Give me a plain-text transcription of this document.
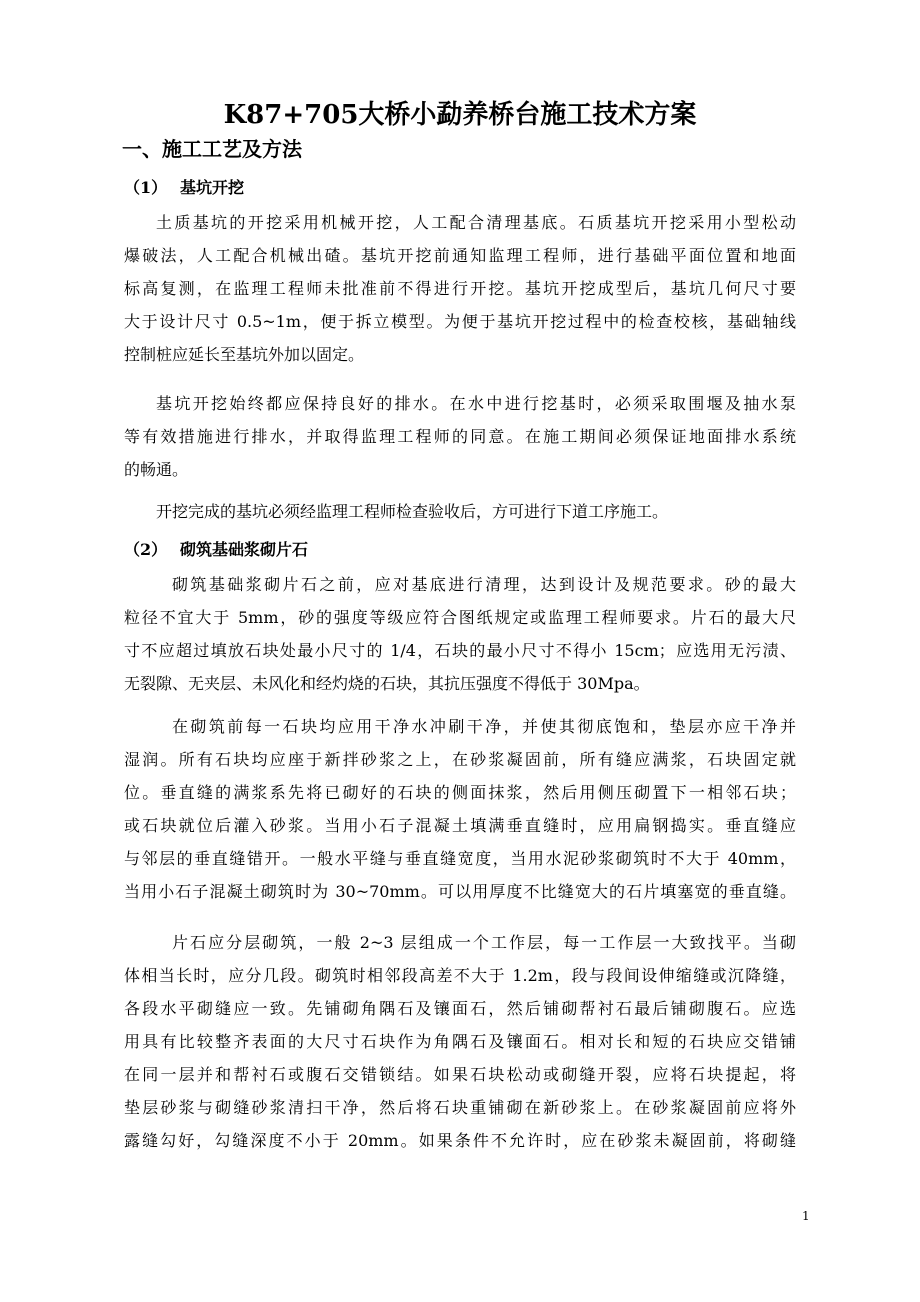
K87+705大桥小勐养桥台施工技术方案
一、施工工艺及方法
（1） 基坑开挖
土质基坑的开挖采用机械开挖，人工配合清理基底。石质基坑开挖采用小型松动
爆破法，人工配合机械出碴。基坑开挖前通知监理工程师，进行基础平面位置和地面
标高复测，在监理工程师未批准前不得进行开挖。基坑开挖成型后，基坑几何尺寸要
大于设计尺寸 0.5~1m，便于拆立模型。为便于基坑开挖过程中的检查校核，基础轴线
控制桩应延长至基坑外加以固定。
基坑开挖始终都应保持良好的排水。在水中进行挖基时，必须采取围堰及抽水泵
等有效措施进行排水，并取得监理工程师的同意。在施工期间必须保证地面排水系统
的畅通。
开挖完成的基坑必须经监理工程师检查验收后，方可进行下道工序施工。
（2） 砌筑基础浆砌片石
砌筑基础浆砌片石之前，应对基底进行清理，达到设计及规范要求。砂的最大
粒径不宜大于 5mm，砂的强度等级应符合图纸规定或监理工程师要求。片石的最大尺
寸不应超过填放石块处最小尺寸的 1/4，石块的最小尺寸不得小 15cm；应选用无污渍、
无裂隙、无夹层、未风化和经灼烧的石块，其抗压强度不得低于 30Mpa。
在砌筑前每一石块均应用干净水冲刷干净，并使其彻底饱和，垫层亦应干净并
湿润。所有石块均应座于新拌砂浆之上，在砂浆凝固前，所有缝应满浆，石块固定就
位。垂直缝的满浆系先将已砌好的石块的侧面抹浆，然后用侧压砌置下一相邻石块；
或石块就位后灌入砂浆。当用小石子混凝土填满垂直缝时，应用扁钢捣实。垂直缝应
与邻层的垂直缝错开。一般水平缝与垂直缝宽度，当用水泥砂浆砌筑时不大于 40mm，
当用小石子混凝土砌筑时为 30~70mm。可以用厚度不比缝宽大的石片填塞宽的垂直缝。
片石应分层砌筑，一般 2~3 层组成一个工作层，每一工作层一大致找平。当砌
体相当长时，应分几段。砌筑时相邻段高差不大于 1.2m，段与段间设伸缩缝或沉降缝，
各段水平砌缝应一致。先铺砌角隅石及镶面石，然后铺砌帮衬石最后铺砌腹石。应选
用具有比较整齐表面的大尺寸石块作为角隅石及镶面石。相对长和短的石块应交错铺
在同一层并和帮衬石或腹石交错锁结。如果石块松动或砌缝开裂，应将石块提起，将
垫层砂浆与砌缝砂浆清扫干净，然后将石块重铺砌在新砂浆上。在砂浆凝固前应将外
露缝勾好，勾缝深度不小于 20mm。如果条件不允许时，应在砂浆未凝固前，将砌缝
1
